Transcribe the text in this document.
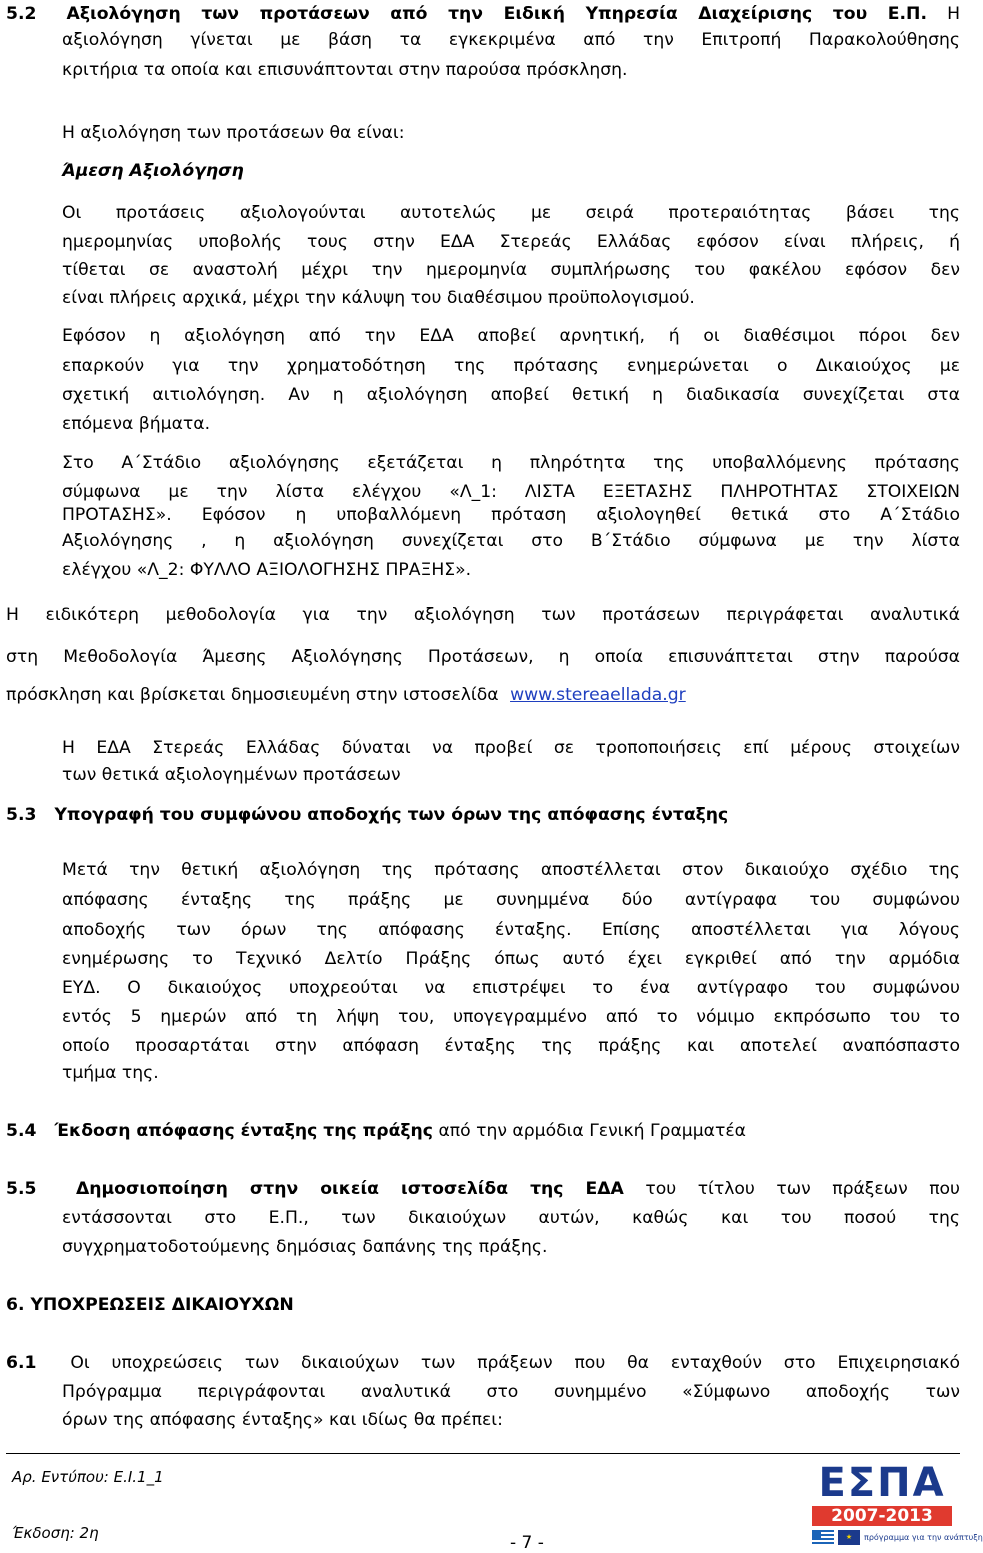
5.2 Αξιολόγηση των προτάσεων από την Ειδική Υπηρεσία Διαχείρισης του Ε.Π. Η
αξιολόγηση γίνεται με βάση τα εγκεκριμένα από την Επιτροπή Παρακολούθησης
κριτήρια τα οποία και επισυνάπτονται στην παρούσα πρόσκληση.
Η αξιολόγηση των προτάσεων θα είναι:
Άμεση Αξιολόγηση
Οι προτάσεις αξιολογούνται αυτοτελώς με σειρά προτεραιότητας βάσει της
ημερομηνίας υποβολής τους στην ΕΔΑ Στερεάς Ελλάδας εφόσον είναι πλήρεις, ή
τίθεται σε αναστολή μέχρι την ημερομηνία συμπλήρωσης του φακέλου εφόσον δεν
είναι πλήρεις αρχικά, μέχρι την κάλυψη του διαθέσιμου προϋπολογισμού.
Εφόσον η αξιολόγηση από την ΕΔΑ αποβεί αρνητική, ή οι διαθέσιμοι πόροι δεν
επαρκούν για την χρηματοδότηση της πρότασης ενημερώνεται ο Δικαιούχος με
σχετική αιτιολόγηση. Αν η αξιολόγηση αποβεί θετική η διαδικασία συνεχίζεται στα
επόμενα βήματα.
Στο Α΄Στάδιο αξιολόγησης εξετάζεται η πληρότητα της υποβαλλόμενης πρότασης
σύμφωνα με την λίστα ελέγχου «Λ_1: ΛΙΣΤΑ ΕΞΕΤΑΣΗΣ ΠΛΗΡΟΤΗΤΑΣ ΣΤΟΙΧΕΙΩΝ
ΠΡΟΤΑΣΗΣ». Εφόσον η υποβαλλόμενη πρόταση αξιολογηθεί θετικά στο Α΄Στάδιο
Αξιολόγησης , η αξιολόγηση συνεχίζεται στο Β΄Στάδιο σύμφωνα με την λίστα
ελέγχου «Λ_2: ΦΥΛΛΟ ΑΞΙΟΛΟΓΗΣΗΣ ΠΡΑΞΗΣ».
Η ειδικότερη μεθοδολογία για την αξιολόγηση των προτάσεων περιγράφεται αναλυτικά
στη Μεθοδολογία Άμεσης Αξιολόγησης Προτάσεων, η οποία επισυνάπτεται στην παρούσα
πρόσκληση και βρίσκεται δημοσιευμένη στην ιστοσελίδα www.stereaellada.gr
Η ΕΔΑ Στερεάς Ελλάδας δύναται να προβεί σε τροποποιήσεις επί μέρους στοιχείων
των θετικά αξιολογημένων προτάσεων
5.3 Υπογραφή του συμφώνου αποδοχής των όρων της απόφασης ένταξης
Μετά την θετική αξιολόγηση της πρότασης αποστέλλεται στον δικαιούχο σχέδιο της
απόφασης ένταξης της πράξης με συνημμένα δύο αντίγραφα του συμφώνου
αποδοχής των όρων της απόφασης ένταξης. Επίσης αποστέλλεται για λόγους
ενημέρωσης το Τεχνικό Δελτίο Πράξης όπως αυτό έχει εγκριθεί από την αρμόδια
ΕΥΔ. Ο δικαιούχος υποχρεούται να επιστρέψει το ένα αντίγραφο του συμφώνου
εντός 5 ημερών από τη λήψη του, υπογεγραμμένο από το νόμιμο εκπρόσωπο του το
οποίο προσαρτάται στην απόφαση ένταξης της πράξης και αποτελεί αναπόσπαστο
τμήμα της.
5.4 Έκδοση απόφασης ένταξης της πράξης από την αρμόδια Γενική Γραμματέα
5.5 Δημοσιοποίηση στην οικεία ιστοσελίδα της ΕΔΑ του τίτλου των πράξεων που
εντάσσονται στο Ε.Π., των δικαιούχων αυτών, καθώς και του ποσού της
συγχρηματοδοτούμενης δημόσιας δαπάνης της πράξης.
6. ΥΠΟΧΡΕΩΣΕΙΣ ΔΙΚΑΙΟΥΧΩΝ
6.1 Οι υποχρεώσεις των δικαιούχων των πράξεων που θα ενταχθούν στο Επιχειρησιακό
Πρόγραμμα περιγράφονται αναλυτικά στο συνημμένο «Σύμφωνο αποδοχής των
όρων της απόφασης ένταξης» και ιδίως θα πρέπει:
Αρ. Εντύπου: Ε.Ι.1_1
Έκδοση: 2η	- 7 -
ΕΣΠΑ
2007-2013
★	πρόγραμμα για την ανάπτυξη
